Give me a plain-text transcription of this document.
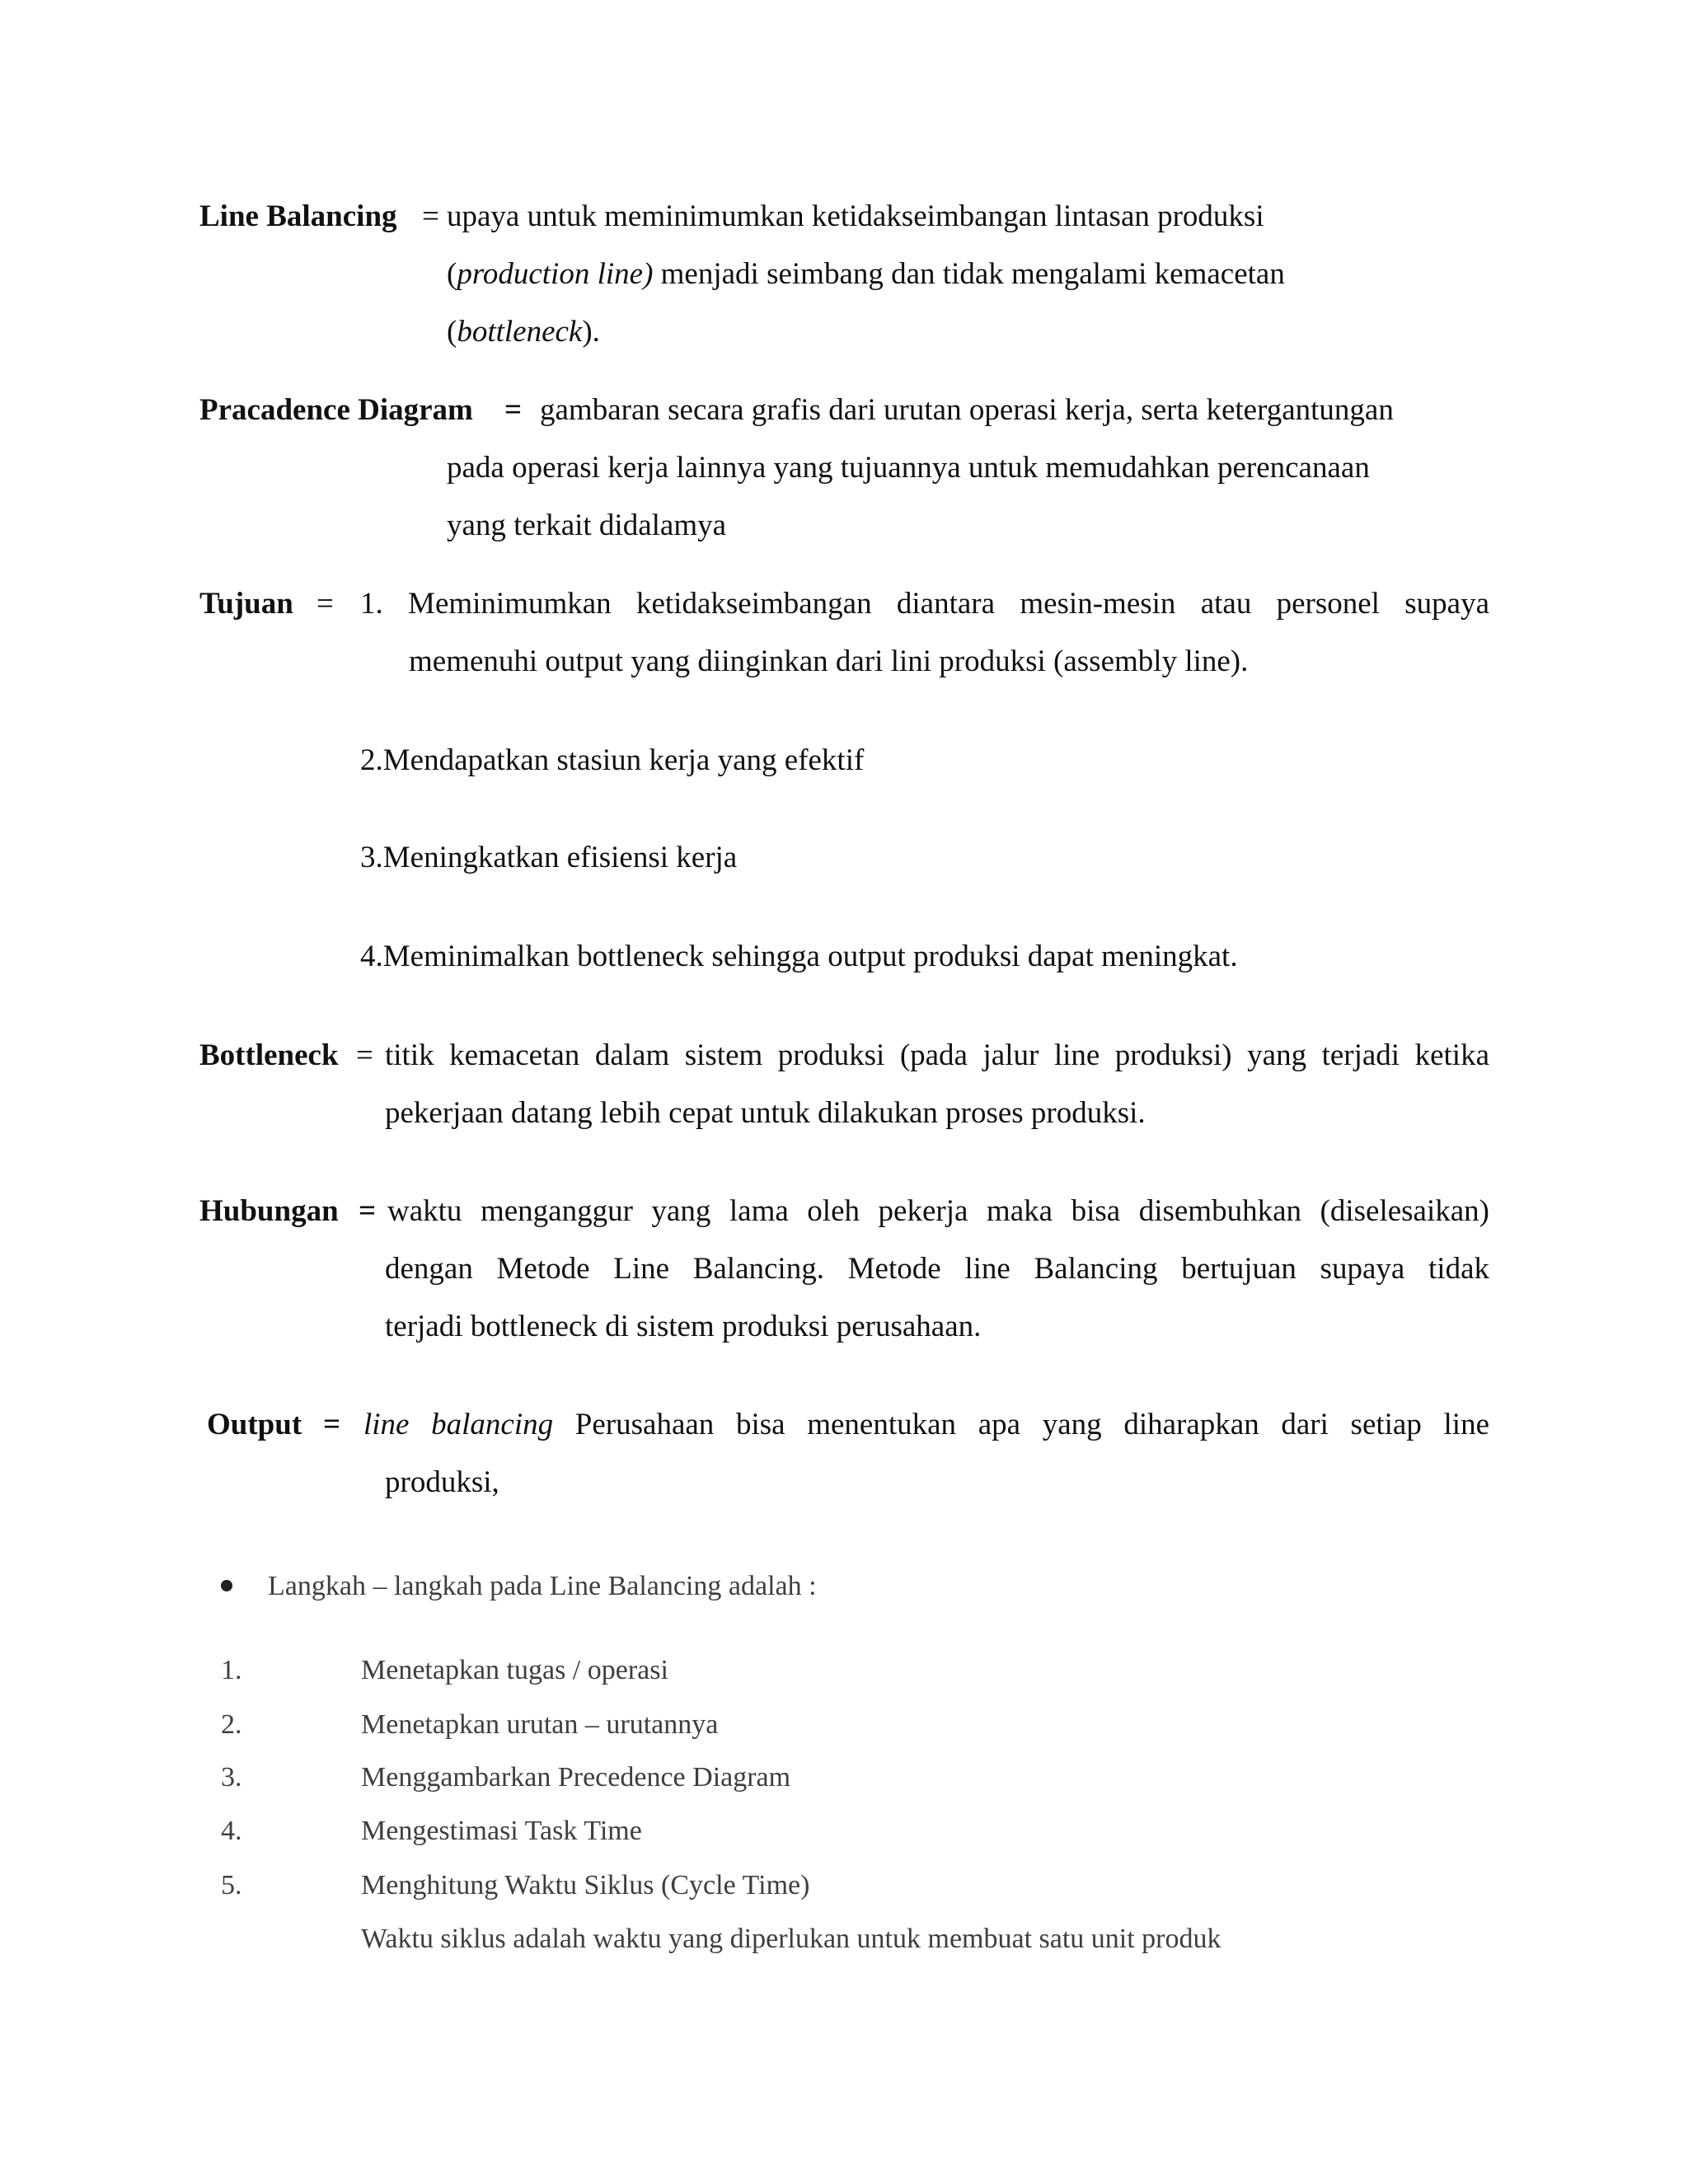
Line Balancing = upaya untuk meminimumkan ketidakseimbangan lintasan produksi
(production line) menjadi seimbang dan tidak mengalami kemacetan
(bottleneck).
Pracadence Diagram = gambaran secara grafis dari urutan operasi kerja, serta ketergantungan
pada operasi kerja lainnya yang tujuannya untuk memudahkan perencanaan
yang terkait didalamya
Tujuan = 1. Meminimumkan ketidakseimbangan diantara mesin-mesin atau personel supaya
memenuhi output yang diinginkan dari lini produksi (assembly line).
2.Mendapatkan stasiun kerja yang efektif
3.Meningkatkan efisiensi kerja
4.Meminimalkan bottleneck sehingga output produksi dapat meningkat.
Bottleneck = titik kemacetan dalam sistem produksi (pada jalur line produksi) yang terjadi ketika
pekerjaan datang lebih cepat untuk dilakukan proses produksi.
Hubungan = waktu menganggur yang lama oleh pekerja maka bisa disembuhkan (diselesaikan)
dengan Metode Line Balancing. Metode line Balancing bertujuan supaya tidak
terjadi bottleneck di sistem produksi perusahaan.
Output = line balancing Perusahaan bisa menentukan apa yang diharapkan dari setiap line
produksi,
Langkah – langkah pada Line Balancing adalah :
1.	Menetapkan tugas / operasi
2.	Menetapkan urutan – urutannya
3.	Menggambarkan Precedence Diagram
4.	Mengestimasi Task Time
5.	Menghitung Waktu Siklus (Cycle Time)
Waktu siklus adalah waktu yang diperlukan untuk membuat satu unit produk
